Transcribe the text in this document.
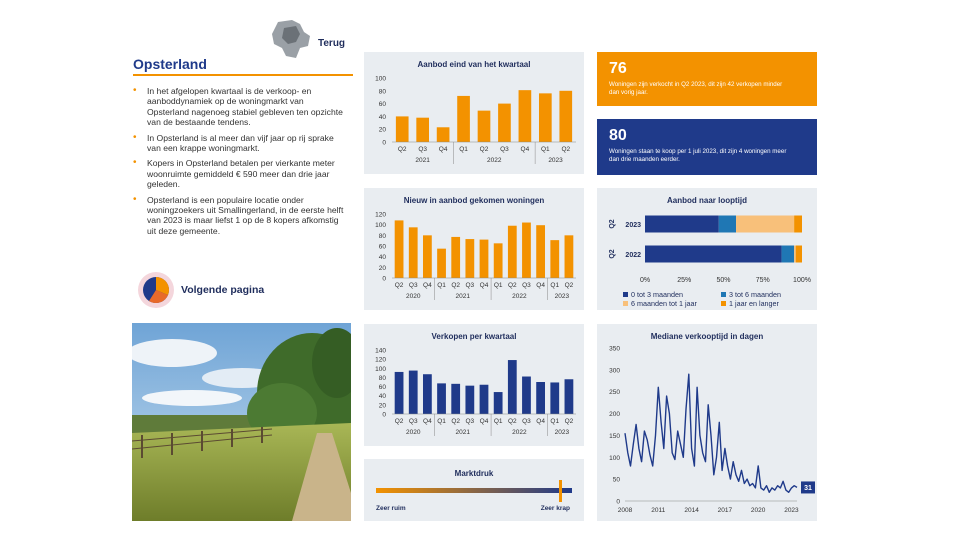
Terug
Opsterland
• In het afgelopen kwartaal is de verkoop- en aanboddynamiek op de woningmarkt van Opsterland nagenoeg stabiel gebleven ten opzichte van de bestaande tendens.
• In Opsterland is al meer dan vijf jaar op rij sprake van een krappe woningmarkt.
• Kopers in Opsterland betalen per vierkante meter woonruimte gemiddeld € 590 meer dan drie jaar geleden.
• Opsterland is een populaire locatie onder woningzoekers uit Smallingerland, in de eerste helft van 2023 is maar liefst 1 op de 8 kopers afkomstig uit deze gemeente.
Volgende pagina
Aanbod eind van het kwartaal
0
20
40
60
80
100
Q2 Q3 Q4 Q1 Q2 Q3 Q4 Q1 Q2
2021	2022	2023
Nieuw in aanbod gekomen woningen
0
20
40
60
80
100
120
Q2 Q3 Q4 Q1 Q2 Q3 Q4 Q1 Q2 Q3 Q4 Q1 Q2
2020	2021	2022	2023
Verkopen per kwartaal
0
20
40
60
80
100
120
140
Q2 Q3 Q4 Q1 Q2 Q3 Q4 Q1 Q2 Q3 Q4 Q1 Q2
2020	2021	2022	2023
Marktdruk
Zeer ruim	Zeer krap
76
Woningen zijn verkocht in Q2 2023, dit zijn 42 verkopen minder dan vorig jaar.
80
Woningen staan te koop per 1 juli 2023, dit zijn 4 woningen meer dan drie maanden eerder.
Aanbod naar looptijd
2023
Q2
2022
Q2
0%	25%	50%	75%	100%
0 tot 3 maanden	3 tot 6 maanden
6 maanden tot 1 jaar	1 jaar en langer
Mediane verkooptijd in dagen
0
50
100
150
200
250
300
350
2008	2011	2014	2017	2020	2023
31
